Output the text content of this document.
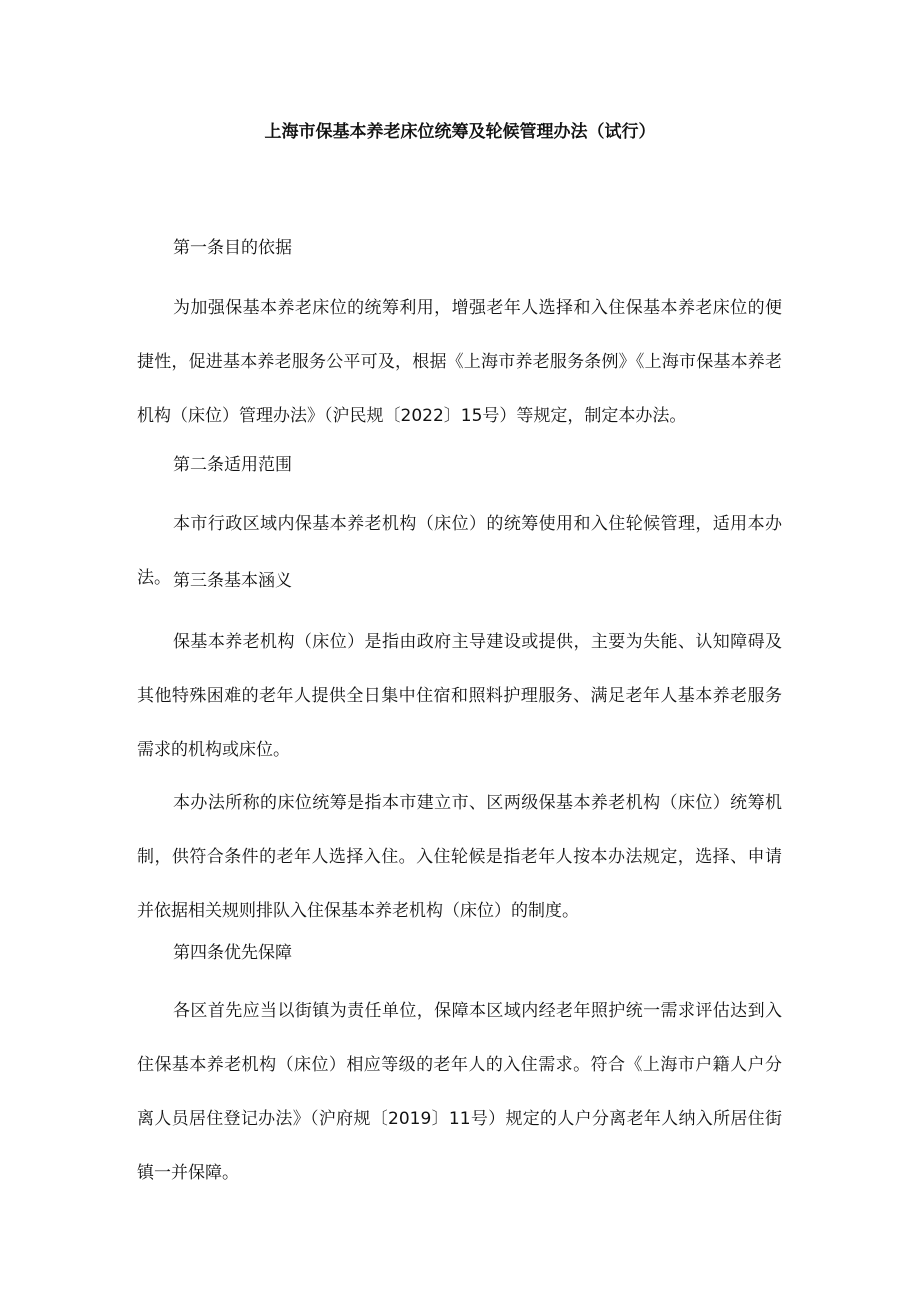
上海市保基本养老床位统筹及轮候管理办法（试行）

第一条目的依据

为加强保基本养老床位的统筹利用，增强老年人选择和入住保基本养老床位的便捷性，促进基本养老服务公平可及，根据《上海市养老服务条例》《上海市保基本养老机构（床位）管理办法》（沪民规〔2022〕15号）等规定，制定本办法。

第二条适用范围

本市行政区域内保基本养老机构（床位）的统筹使用和入住轮候管理，适用本办法。 第三条基本涵义

保基本养老机构（床位）是指由政府主导建设或提供，主要为失能、认知障碍及其他特殊困难的老年人提供全日集中住宿和照料护理服务、满足老年人基本养老服务需求的机构或床位。

本办法所称的床位统筹是指本市建立市、区两级保基本养老机构（床位）统筹机制，供符合条件的老年人选择入住。入住轮候是指老年人按本办法规定，选择、申请并依据相关规则排队入住保基本养老机构（床位）的制度。

第四条优先保障

各区首先应当以街镇为责任单位，保障本区域内经老年照护统一需求评估达到入住保基本养老机构（床位）相应等级的老年人的入住需求。符合《上海市户籍人户分离人员居住登记办法》（沪府规〔2019〕11号）规定的人户分离老年人纳入所居住街镇一并保障。
